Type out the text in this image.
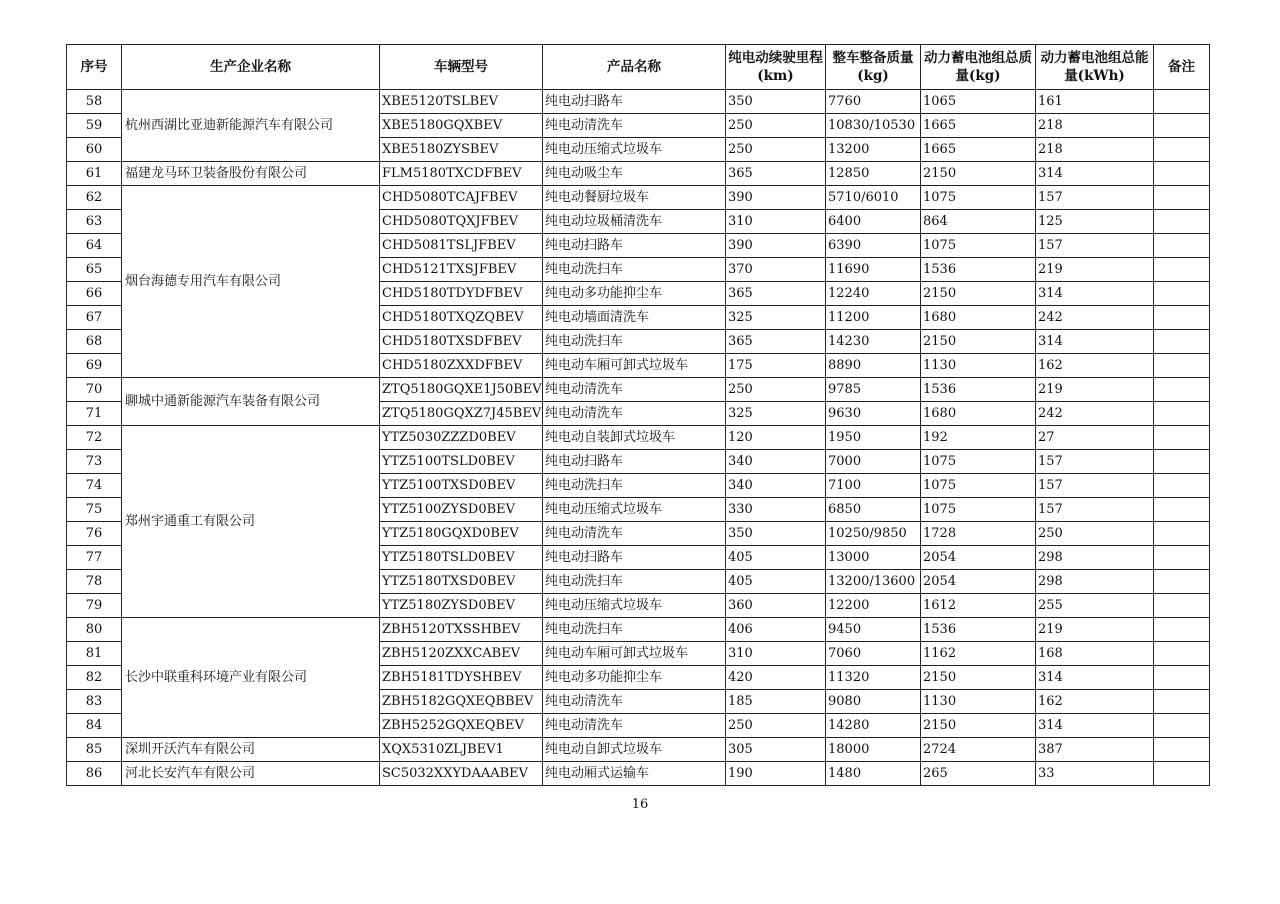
序号	生产企业名称	车辆型号	产品名称	纯电动续驶里程(km)	整车整备质量(kg)	动力蓄电池组总质量(kg)	动力蓄电池组总能量(kWh)	备注
58	杭州西湖比亚迪新能源汽车有限公司	XBE5120TSLBEV	纯电动扫路车	350	7760	1065	161	
59		XBE5180GQXBEV	纯电动清洗车	250	10830/10530	1665	218	
60		XBE5180ZYSBEV	纯电动压缩式垃圾车	250	13200	1665	218	
61	福建龙马环卫装备股份有限公司	FLM5180TXCDFBEV	纯电动吸尘车	365	12850	2150	314	
62	烟台海德专用汽车有限公司	CHD5080TCAJFBEV	纯电动餐厨垃圾车	390	5710/6010	1075	157	
63		CHD5080TQXJFBEV	纯电动垃圾桶清洗车	310	6400	864	125	
64		CHD5081TSLJFBEV	纯电动扫路车	390	6390	1075	157	
65		CHD5121TXSJFBEV	纯电动洗扫车	370	11690	1536	219	
66		CHD5180TDYDFBEV	纯电动多功能抑尘车	365	12240	2150	314	
67		CHD5180TXQZQBEV	纯电动墙面清洗车	325	11200	1680	242	
68		CHD5180TXSDFBEV	纯电动洗扫车	365	14230	2150	314	
69		CHD5180ZXXDFBEV	纯电动车厢可卸式垃圾车	175	8890	1130	162	
70	聊城中通新能源汽车装备有限公司	ZTQ5180GQXE1J50BEV	纯电动清洗车	250	9785	1536	219	
71		ZTQ5180GQXZ7J45BEV	纯电动清洗车	325	9630	1680	242	
72	郑州宇通重工有限公司	YTZ5030ZZZD0BEV	纯电动自装卸式垃圾车	120	1950	192	27	
73		YTZ5100TSLD0BEV	纯电动扫路车	340	7000	1075	157	
74		YTZ5100TXSD0BEV	纯电动洗扫车	340	7100	1075	157	
75		YTZ5100ZYSD0BEV	纯电动压缩式垃圾车	330	6850	1075	157	
76		YTZ5180GQXD0BEV	纯电动清洗车	350	10250/9850	1728	250	
77		YTZ5180TSLD0BEV	纯电动扫路车	405	13000	2054	298	
78		YTZ5180TXSD0BEV	纯电动洗扫车	405	13200/13600	2054	298	
79		YTZ5180ZYSD0BEV	纯电动压缩式垃圾车	360	12200	1612	255	
80	长沙中联重科环境产业有限公司	ZBH5120TXSSHBEV	纯电动洗扫车	406	9450	1536	219	
81		ZBH5120ZXXCABEV	纯电动车厢可卸式垃圾车	310	7060	1162	168	
82		ZBH5181TDYSHBEV	纯电动多功能抑尘车	420	11320	2150	314	
83		ZBH5182GQXEQBBEV	纯电动清洗车	185	9080	1130	162	
84		ZBH5252GQXEQBEV	纯电动清洗车	250	14280	2150	314	
85	深圳开沃汽车有限公司	XQX5310ZLJBEV1	纯电动自卸式垃圾车	305	18000	2724	387	
86	河北长安汽车有限公司	SC5032XXYDAAABEV	纯电动厢式运输车	190	1480	265	33	
16
